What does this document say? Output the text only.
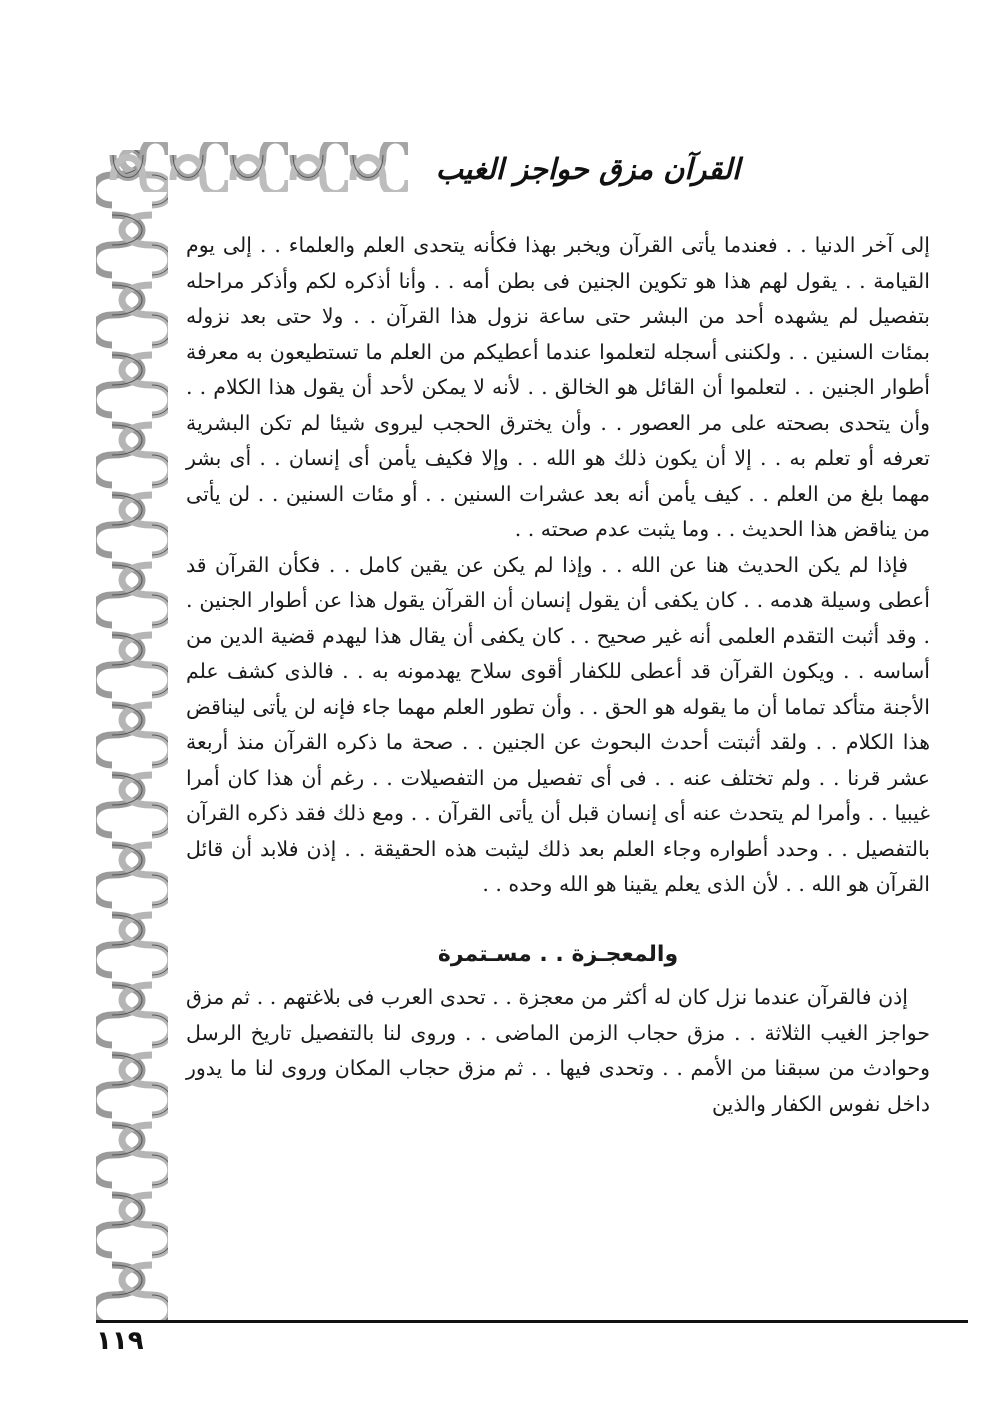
القرآن مزق حواجز الغيب

إلى آخر الدنيا . . فعندما يأتى القرآن ويخبر بهذا فكأنه يتحدى العلم والعلماء . . إلى يوم القيامة . . يقول لهم هذا هو تكوين الجنين فى بطن أمه . . وأنا أذكره لكم وأذكر مراحله بتفصيل لم يشهده أحد من البشر حتى ساعة نزول هذا القرآن . . ولا حتى بعد نزوله بمئات السنين . . ولكننى أسجله لتعلموا عندما أعطيكم من العلم ما تستطيعون به معرفة أطوار الجنين . . لتعلموا أن القائل هو الخالق . . لأنه لا يمكن لأحد أن يقول هذا الكلام . . وأن يتحدى بصحته على مر العصور . . وأن يخترق الحجب ليروى شيئا لم تكن البشرية تعرفه أو تعلم به . . إلا أن يكون ذلك هو الله . . وإلا فكيف يأمن أى إنسان . . أى بشر مهما بلغ من العلم . . كيف يأمن أنه بعد عشرات السنين . . أو مئات السنين . . لن يأتى من يناقض هذا الحديث . . وما يثبت عدم صحته . .

فإذا لم يكن الحديث هنا عن الله . . وإذا لم يكن عن يقين كامل . . فكأن القرآن قد أعطى وسيلة هدمه . . كان يكفى أن يقول إنسان أن القرآن يقول هذا عن أطوار الجنين . . وقد أثبت التقدم العلمى أنه غير صحيح . . كان يكفى أن يقال هذا ليهدم قضية الدين من أساسه . . ويكون القرآن قد أعطى للكفار أقوى سلاح يهدمونه به . . فالذى كشف علم الأجنة متأكد تماما أن ما يقوله هو الحق . . وأن تطور العلم مهما جاء فإنه لن يأتى ليناقض هذا الكلام . . ولقد أثبتت أحدث البحوث عن الجنين . . صحة ما ذكره القرآن منذ أربعة عشر قرنا . . ولم تختلف عنه . . فى أى تفصيل من التفصيلات . . رغم أن هذا كان أمرا غيبيا . . وأمرا لم يتحدث عنه أى إنسان قبل أن يأتى القرآن . . ومع ذلك فقد ذكره القرآن بالتفصيل . . وحدد أطواره وجاء العلم بعد ذلك ليثبت هذه الحقيقة . . إذن فلابد أن قائل القرآن هو الله . . لأن الذى يعلم يقينا هو الله وحده . .

والمعجـزة . . مسـتمرة

إذن فالقرآن عندما نزل كان له أكثر من معجزة . . تحدى العرب فى بلاغتهم . . ثم مزق حواجز الغيب الثلاثة . . مزق حجاب الزمن الماضى . . وروى لنا بالتفصيل تاريخ الرسل وحوادث من سبقنا من الأمم . . وتحدى فيها . . ثم مزق حجاب المكان وروى لنا ما يدور داخل نفوس الكفار والذين

١١٩
